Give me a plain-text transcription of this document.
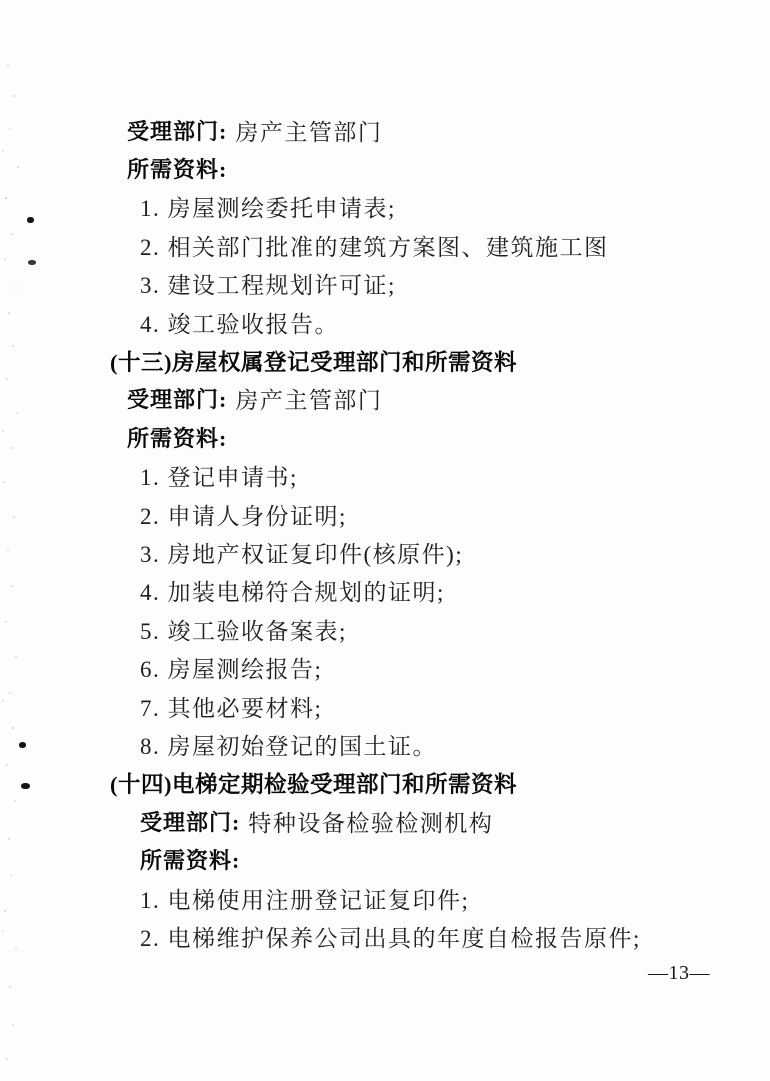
受理部门: 房产主管部门
所需资料:
1. 房屋测绘委托申请表;
2. 相关部门批准的建筑方案图、建筑施工图
3. 建设工程规划许可证;
4. 竣工验收报告。
(十三)房屋权属登记受理部门和所需资料
受理部门: 房产主管部门
所需资料:
1. 登记申请书;
2. 申请人身份证明;
3. 房地产权证复印件(核原件);
4. 加装电梯符合规划的证明;
5. 竣工验收备案表;
6. 房屋测绘报告;
7. 其他必要材料;
8. 房屋初始登记的国土证。
(十四)电梯定期检验受理部门和所需资料
受理部门: 特种设备检验检测机构
所需资料:
1. 电梯使用注册登记证复印件;
2. 电梯维护保养公司出具的年度自检报告原件;
—13—
